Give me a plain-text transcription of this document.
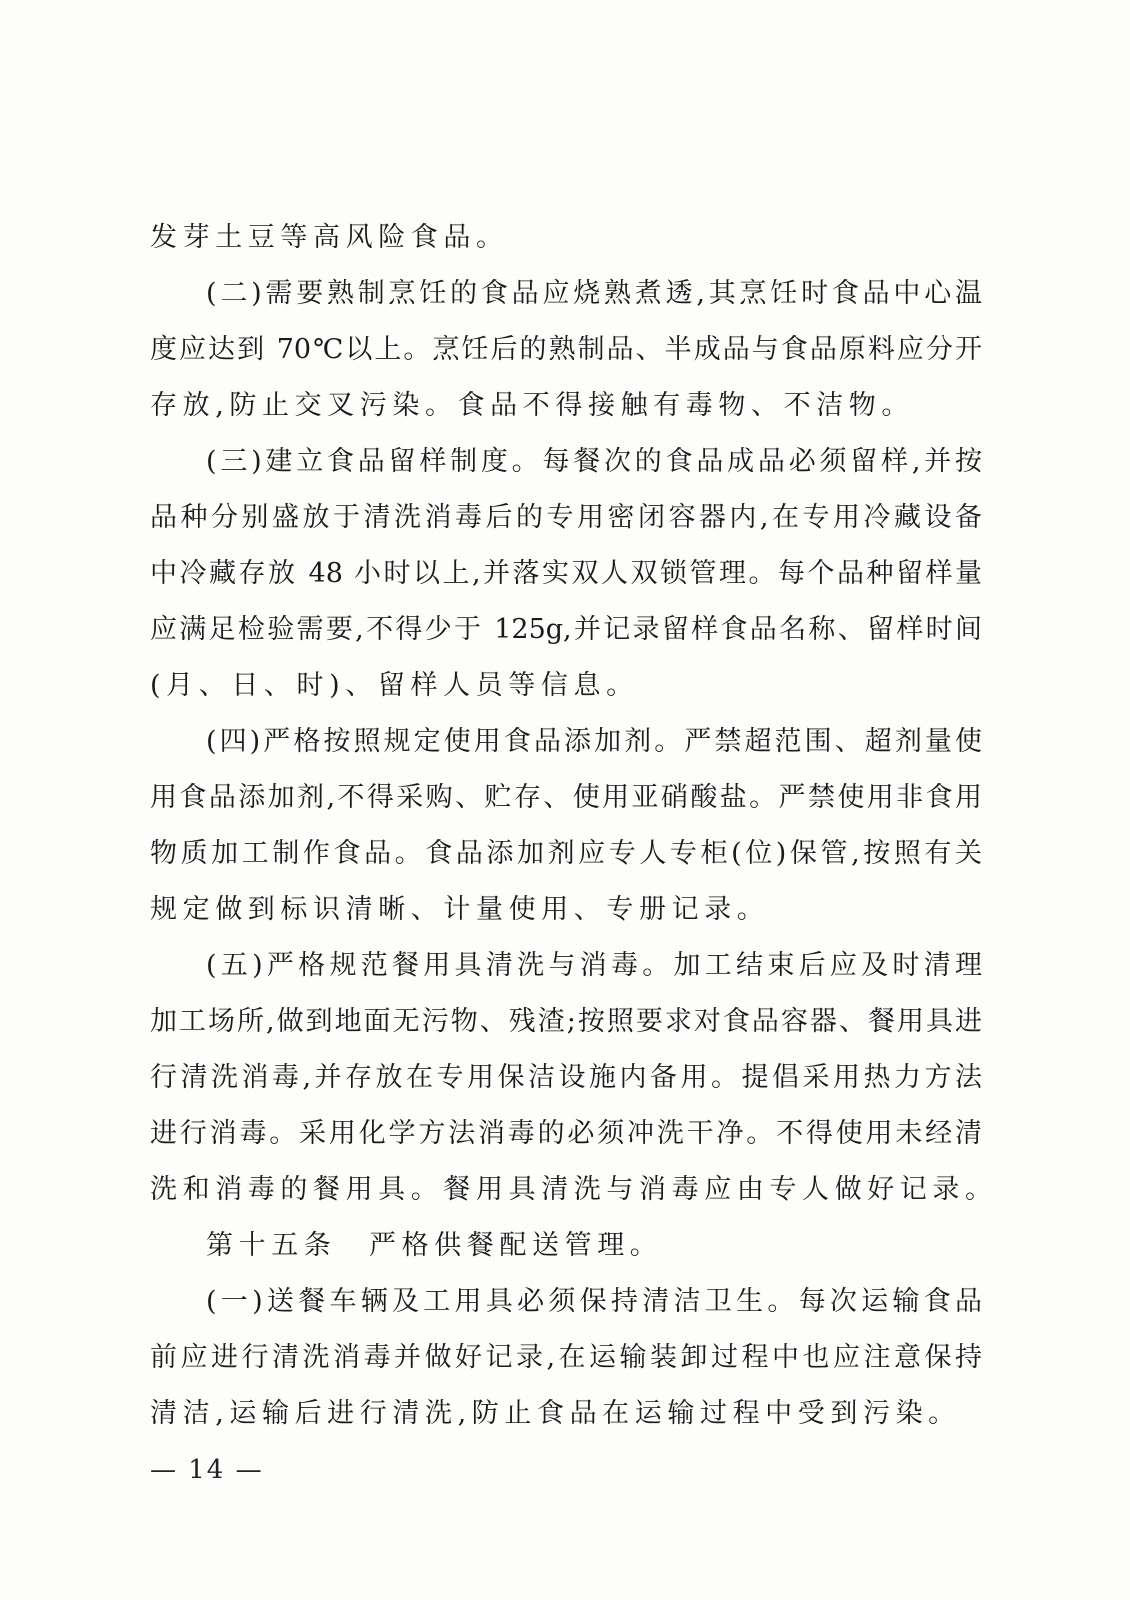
发芽土豆等高风险食品。
(二)需要熟制烹饪的食品应烧熟煮透,其烹饪时食品中心温
度应达到 70℃以上。烹饪后的熟制品、半成品与食品原料应分开
存放,防止交叉污染。食品不得接触有毒物、不洁物。
(三)建立食品留样制度。每餐次的食品成品必须留样,并按
品种分别盛放于清洗消毒后的专用密闭容器内,在专用冷藏设备
中冷藏存放 48 小时以上,并落实双人双锁管理。每个品种留样量
应满足检验需要,不得少于 125g,并记录留样食品名称、留样时间
(月、日、时)、留样人员等信息。
(四)严格按照规定使用食品添加剂。严禁超范围、超剂量使
用食品添加剂,不得采购、贮存、使用亚硝酸盐。严禁使用非食用
物质加工制作食品。食品添加剂应专人专柜(位)保管,按照有关
规定做到标识清晰、计量使用、专册记录。
(五)严格规范餐用具清洗与消毒。加工结束后应及时清理
加工场所,做到地面无污物、残渣;按照要求对食品容器、餐用具进
行清洗消毒,并存放在专用保洁设施内备用。提倡采用热力方法
进行消毒。采用化学方法消毒的必须冲洗干净。不得使用未经清
洗和消毒的餐用具。餐用具清洗与消毒应由专人做好记录。
第十五条　严格供餐配送管理。
(一)送餐车辆及工用具必须保持清洁卫生。每次运输食品
前应进行清洗消毒并做好记录,在运输装卸过程中也应注意保持
清洁,运输后进行清洗,防止食品在运输过程中受到污染。
— 14 —
